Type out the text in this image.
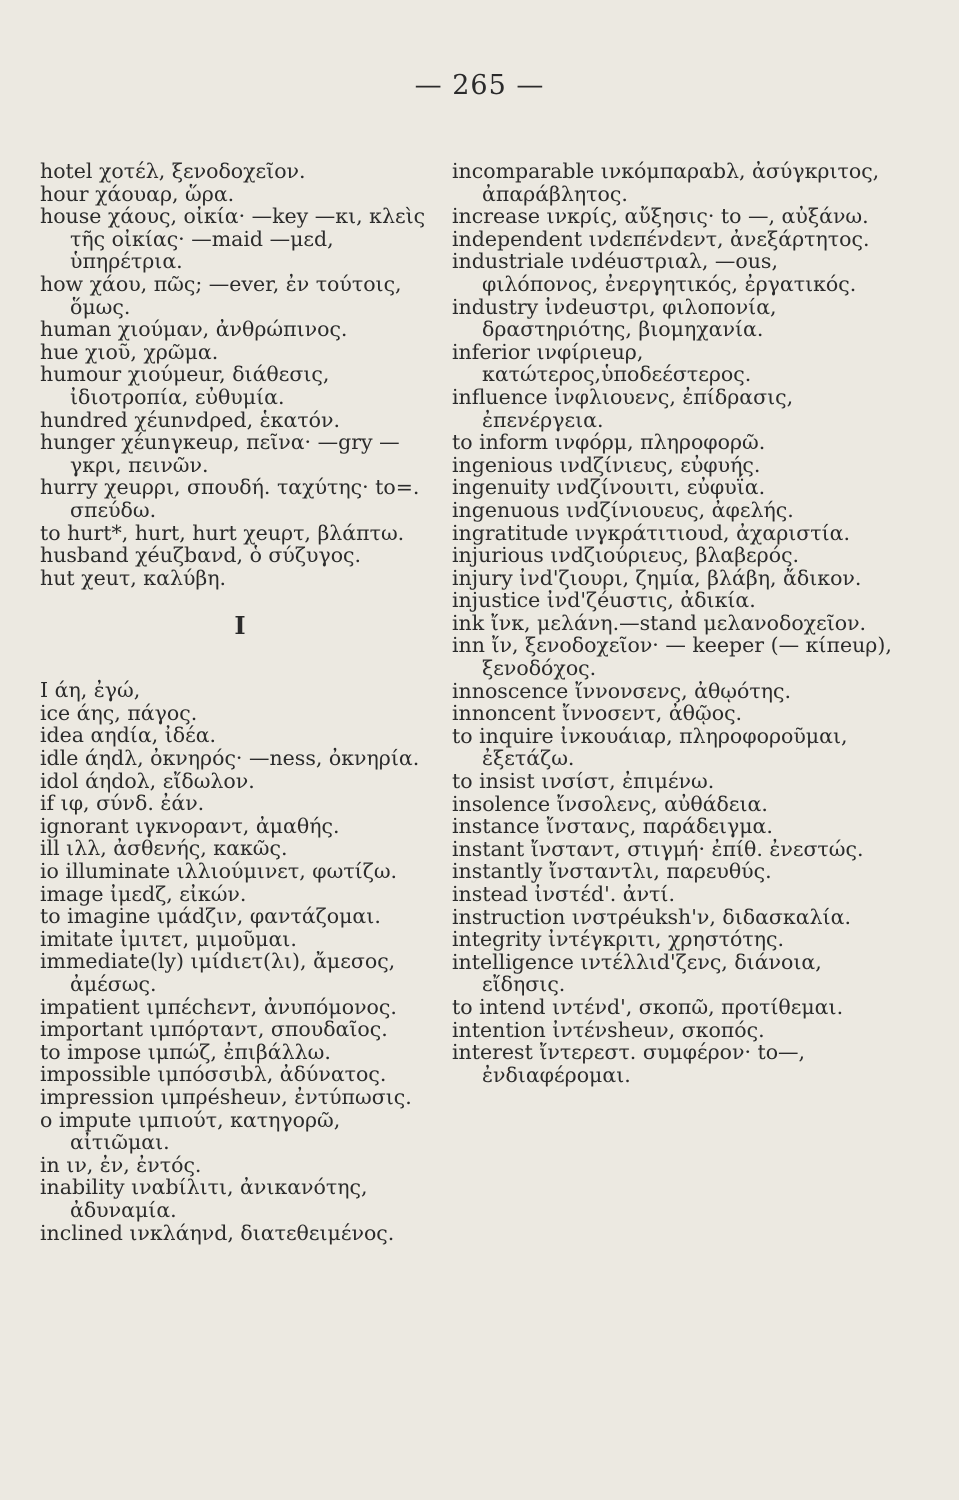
— 265 —

hotel χοτέλ, ξενοδοχεῖον.

hour χάουαρ, ὥρα.

house χάους, οἰκία· —key —κι, κλεὶς τῆς οἰκίας· —maid —μεd, ὑπηρέτρια.

how χάου, πῶς; —ever, ἐν τούτοις, ὅμως.

human χιούμαν, ἀνθρώπινος.

hue χιοῦ, χρῶμα.

humour χιούμeur, διάθεσις, ἰδιοτροπία, εὐθυμία.

hundred χέunνdρed, ἑκατόν.

hunger χέunγκeuρ, πεῖνα· —gry —γκρι, πεινῶν.

hurry χeuρρι, σπουδή. ταχύτης· to=. σπεύδω.

to hurt*, hurt, hurt χeuρτ, βλάπτω.

husband χéuζbανd, ὁ σύζυγος.

hut χeuτ, καλύβη.

I

I άη, ἐγώ,

ice άης, πάγος.

idea αηdία, ἰδέα.

idle άηdλ, ὀκνηρός· —ness, ὀκνηρία.

idol άηdολ, εἴδωλον.

if ιφ, σύνδ. ἐάν.

ignorant ιγκνοραντ, ἀμαθής.

ill ιλλ, ἀσθενής, κακῶς.

io illuminate ιλλιούμινετ, φωτίζω.

image ἰμεdζ, εἰκών.

to imagine ιμάdζιν, φαντάζομαι.

imitate ἰμιτετ, μιμοῦμαι.

immediate(ly) ιμίdιετ(λι), ἄμεσος, ἀμέσως.

impatient ιμπέchενт, ἀνυπόμονος.

important ιμπόρταντ, σπουδαῖος.

to impose ιμπώζ, ἐπιβάλλω.

impossible ιμπόσσιbλ, ἀδύνατος.

impression ιμπρésheuν, ἐντύπωσις.

o impute ιμπιούτ, κατηγορῶ, αἰτιῶμαι.

in ιν, ἐν, ἐντός.

inability ιναbίλιτι, ἀνικανότης, ἀδυναμία.

inclined ινκλάηνd, διατεθειμένος.

incomparable ινκόμπαραbλ, ἀσύγκριτος, ἀπαράβλητος.

increase ινκρίς, αὔξησις· to —, αὐξάνω.

independent ινdεπένdεντ, ἀνεξάρτητος.

industriale ινdéuστριαλ, —ous, φιλόπονος, ἐνεργητικός, ἐργατικός.

industry ἰνdeuστρι, φιλοπονία, δραστηριότης, βιομηχανία.

inferior ινφίριeuρ, κατώτερος,ὑποδεέστερος.

influence ἰνφλιουενς, ἐπίδρασις, ἐπενέργεια.

to inform ινφόρμ, πληροφορῶ.

ingenious ινdζίνιευς, εὐφυής.

ingenuity ινdζίνουιτι, εὐφυΐα.

ingenuous ινdζίνιουευς, ἀφελής.

ingratitude ινγκράτιτιουd, ἀχαριστία.

injurious ινdζιούριευς, βλαβερός.

injury ἰνd'ζιουρι, ζημία, βλάβη, ἄδικον.

injustice ἰνd'ζéuστις, ἀδικία.

ink ἴνκ, μελάνη.—stand μελανοδοχεῖον.

inn ἴν, ξενοδοχεῖον· — keeper (— κίπeuρ), ξενοδόχος.

innoscence ἴννονσενς, ἀθῳότης.

innoncent ἴννοσεντ, ἀθῷος.

to inquire ἰνκουάιαρ, πληροφοροῦμαι, ἐξετάζω.

to insist ινσίστ, ἐπιμένω.

insolence ἴνσολενς, αὐθάδεια.

instance ἴνστανς, παράδειγμα.

instant ἴνσταντ, στιγμή· ἐπίθ. ἐνεστώς.

instantly ἴνσταντλι, παρευθύς.

instead ἰνστέd'. ἀντί.

instruction ινστρéuksh'ν, διδασκαλία.

integrity ἰντέγκριτι, χρηστότης.

intelligence ιντέλλιd'ζενς, διάνοια, εἴδησις.

to intend ιντένd', σκοπῶ, προτίθεμαι.

intention ἰντένsheuν, σκοπός.

interest ἴντερεστ. συμφέρον· to—, ἐνδιαφέρομαι.
